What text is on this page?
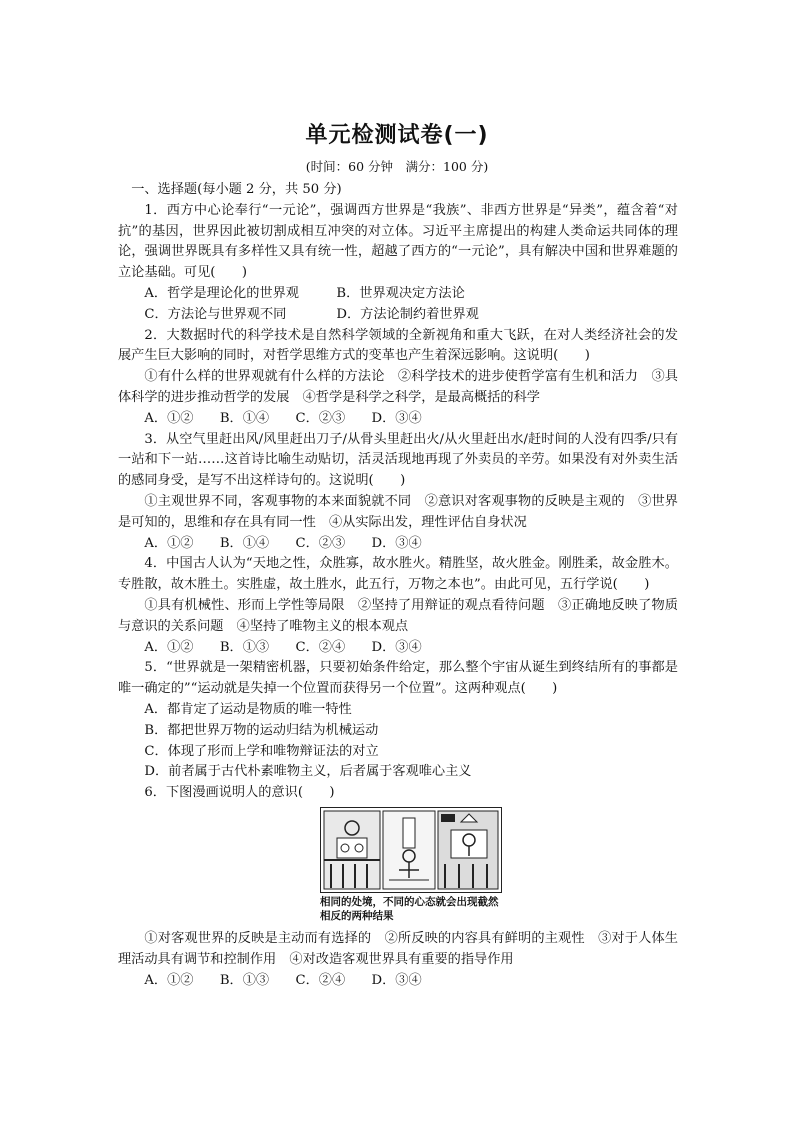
单元检测试卷(一)
(时间：60 分钟　满分：100 分)

一、选择题(每小题 2 分，共 50 分)

1．西方中心论奉行“一元论”，强调西方世界是“我族”、非西方世界是“异类”，蕴含着“对抗”的基因，世界因此被切割成相互冲突的对立体。习近平主席提出的构建人类命运共同体的理论，强调世界既具有多样性又具有统一性，超越了西方的“一元论”，具有解决中国和世界难题的立论基础。可见(　　)

A．哲学是理论化的世界观	B．世界观决定方法论
C．方法论与世界观不同	D．方法论制约着世界观

2．大数据时代的科学技术是自然科学领域的全新视角和重大飞跃，在对人类经济社会的发展产生巨大影响的同时，对哲学思维方式的变革也产生着深远影响。这说明(　　)

①有什么样的世界观就有什么样的方法论　②科学技术的进步使哲学富有生机和活力　③具体科学的进步推动哲学的发展　④哲学是科学之科学，是最高概括的科学

A．①②　　B．①④　　C．②③　　D．③④

3．从空气里赶出风/风里赶出刀子/从骨头里赶出火/从火里赶出水/赶时间的人没有四季/只有一站和下一站……这首诗比喻生动贴切，活灵活现地再现了外卖员的辛劳。如果没有对外卖生活的感同身受，是写不出这样诗句的。这说明(　　)

①主观世界不同，客观事物的本来面貌就不同　②意识对客观事物的反映是主观的　③世界是可知的，思维和存在具有同一性　④从实际出发，理性评估自身状况

A．①②　　B．①④　　C．②③　　D．③④

4．中国古人认为“天地之性，众胜寡，故水胜火。精胜坚，故火胜金。刚胜柔，故金胜木。专胜散，故木胜土。实胜虚，故土胜水，此五行，万物之本也”。由此可见，五行学说(　　)

①具有机械性、形而上学性等局限　②坚持了用辩证的观点看待问题　③正确地反映了物质与意识的关系问题　④坚持了唯物主义的根本观点

A．①②　　B．①③　　C．②④　　D．③④

5．“世界就是一架精密机器，只要初始条件给定，那么整个宇宙从诞生到终结所有的事都是唯一确定的”“运动就是失掉一个位置而获得另一个位置”。这两种观点(　　)

A．都肯定了运动是物质的唯一特性

B．都把世界万物的运动归结为机械运动

C．体现了形而上学和唯物辩证法的对立

D．前者属于古代朴素唯物主义，后者属于客观唯心主义

6．下图漫画说明人的意识(　　)

相同的处境，不同的心态就会出现截然相反的两种结果

①对客观世界的反映是主动而有选择的　②所反映的内容具有鲜明的主观性　③对于人体生理活动具有调节和控制作用　④对改造客观世界具有重要的指导作用

A．①②　　B．①③　　C．②④　　D．③④
